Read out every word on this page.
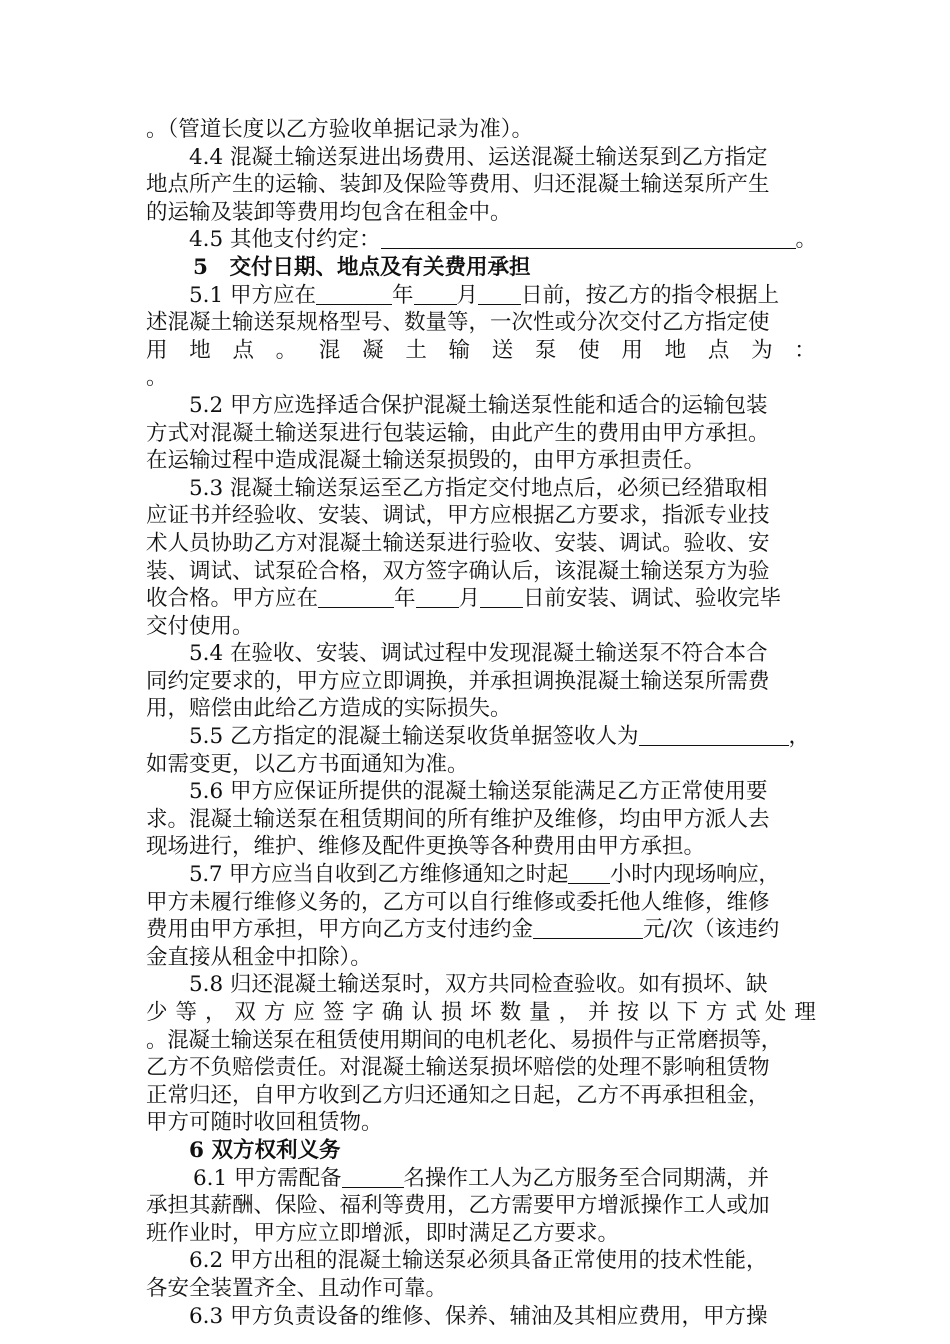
。（管道长度以乙方验收单据记录为准）。
4.4 混凝土输送泵进出场费用、运送混凝土输送泵到乙方指定
地点所产生的运输、装卸及保险等费用、归还混凝土输送泵所产生
的运输及装卸等费用均包含在租金中。
4.5 其他支付约定：	。
5　交付日期、地点及有关费用承担
5.1 甲方应在	年 月 日前，按乙方的指令根据上
述混凝土输送泵规格型号、数量等，一次性或分次交付乙方指定使
用 地 点 。 混 凝 土 输 送 泵 使 用 地 点 为 ：
。
5.2 甲方应选择适合保护混凝土输送泵性能和适合的运输包装
方式对混凝土输送泵进行包装运输，由此产生的费用由甲方承担。
在运输过程中造成混凝土输送泵损毁的，由甲方承担责任。
5.3 混凝土输送泵运至乙方指定交付地点后，必须已经猎取相
应证书并经验收、安装、调试，甲方应根据乙方要求，指派专业技
术人员协助乙方对混凝土输送泵进行验收、安装、调试。验收、安
装、调试、试泵砼合格，双方签字确认后，该混凝土输送泵方为验
收合格。甲方应在	年 月 日前安装、调试、验收完毕
交付使用。
5.4 在验收、安装、调试过程中发现混凝土输送泵不符合本合
同约定要求的，甲方应立即调换，并承担调换混凝土输送泵所需费
用，赔偿由此给乙方造成的实际损失。
5.5 乙方指定的混凝土输送泵收货单据签收人为	，
如需变更，以乙方书面通知为准。
5.6 甲方应保证所提供的混凝土输送泵能满足乙方正常使用要
求。混凝土输送泵在租赁期间的所有维护及维修，均由甲方派人去
现场进行，维护、维修及配件更换等各种费用由甲方承担。
5.7 甲方应当自收到乙方维修通知之时起 小时内现场响应，
甲方未履行维修义务的，乙方可以自行维修或委托他人维修，维修
费用由甲方承担，甲方向乙方支付违约金	元/次（该违约
金直接从租金中扣除）。
5.8 归还混凝土输送泵时，双方共同检查验收。如有损坏、缺
少 等 ， 双 方 应 签 字 确 认 损 坏 数 量 ， 并 按 以 下 方 式 处 理
。混凝土输送泵在租赁使用期间的电机老化、易损件与正常磨损等，
乙方不负赔偿责任。对混凝土输送泵损坏赔偿的处理不影响租赁物
正常归还，自甲方收到乙方归还通知之日起，乙方不再承担租金，
甲方可随时收回租赁物。
6 双方权利义务
6.1 甲方需配备	名操作工人为乙方服务至合同期满，并
承担其薪酬、保险、福利等费用，乙方需要甲方增派操作工人或加
班作业时，甲方应立即增派，即时满足乙方要求。
6.2 甲方出租的混凝土输送泵必须具备正常使用的技术性能，
各安全装置齐全、且动作可靠。
6.3 甲方负责设备的维修、保养、辅油及其相应费用，甲方操
